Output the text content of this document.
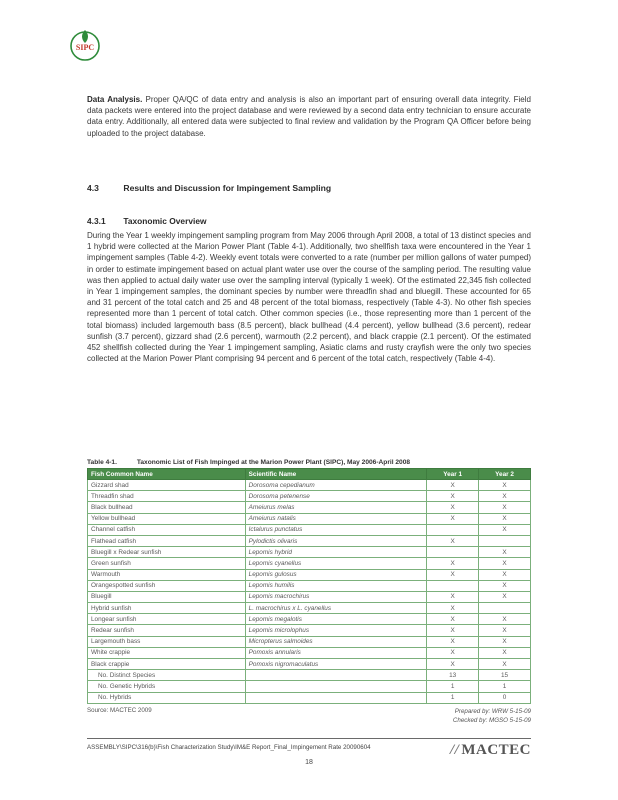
SIPC

Data Analysis. Proper QA/QC of data entry and analysis is also an important part of ensuring overall data integrity. Field data packets were entered into the project database and were reviewed by a second data entry technician to ensure accurate data entry. Additionally, all entered data were subjected to final review and validation by the Program QA Officer before being uploaded to the project database.

4.3	Results and Discussion for Impingement Sampling
4.3.1 Taxonomic Overview

During the Year 1 weekly impingement sampling program from May 2006 through April 2008, a total of 13 distinct species and 1 hybrid were collected at the Marion Power Plant (Table 4-1). Additionally, two shellfish taxa were encountered in the Year 1 impingement samples (Table 4-2). Weekly event totals were converted to a rate (number per million gallons of water pumped) in order to estimate impingement based on actual plant water use over the course of the sampling period. The resulting value was then applied to actual daily water use over the sampling interval (typically 1 week). Of the estimated 22,345 fish collected in Year 1 impingement samples, the dominant species by number were threadfin shad and bluegill. These accounted for 65 and 31 percent of the total catch and 25 and 48 percent of the total biomass, respectively (Table 4-3). No other fish species represented more than 1 percent of total catch. Other common species (i.e., those representing more than 1 percent of the total biomass) included largemouth bass (8.5 percent), black bullhead (4.4 percent), yellow bullhead (3.6 percent), redear sunfish (3.7 percent), gizzard shad (2.6 percent), warmouth (2.2 percent), and black crappie (2.1 percent). Of the estimated 452 shellfish collected during the Year 1 impingement sampling, Asiatic clams and rusty crayfish were the only two species collected at the Marion Power Plant comprising 94 percent and 6 percent of the total catch, respectively (Table 4-4).

Table 4-1.	Taxonomic List of Fish Impinged at the Marion Power Plant (SIPC), May 2006-April 2008
Fish Common Name	Scientific Name	Year 1	Year 2
Gizzard shad	Dorosoma cepedianum	X	X
Threadfin shad	Dorosoma petenense	X	X
Black bullhead	Ameiurus melas	X	X
Yellow bullhead	Ameiurus natalis	X	X
Channel catfish	Ictalurus punctatus		X
Flathead catfish	Pylodictis olivaris	X	
Bluegill x Redear sunfish	Lepomis hybrid		X
Green sunfish	Lepomis cyanellus	X	X
Warmouth	Lepomis gulosus	X	X
Orangespotted sunfish	Lepomis humilis		X
Bluegill	Lepomis macrochirus	X	X
Hybrid sunfish	L. macrochirus x L. cyanellus	X	
Longear sunfish	Lepomis megalotis	X	X
Redear sunfish	Lepomis microlophus	X	X
Largemouth bass	Micropterus salmoides	X	X
White crappie	Pomoxis annularis	X	X
Black crappie	Pomoxis nigromaculatus	X	X
No. Distinct Species		13	15
No. Genetic Hybrids		1	1
No. Hybrids		1	0
Source: MACTEC 2009	Prepared by: WRW 5-15-09
Checked by: MGSO 5-15-09
ASSEMBLY\SIPC\316(b)\Fish Characterization Study\IM&E Report_Final_Impingement Rate 20090604	// MACTEC
18
